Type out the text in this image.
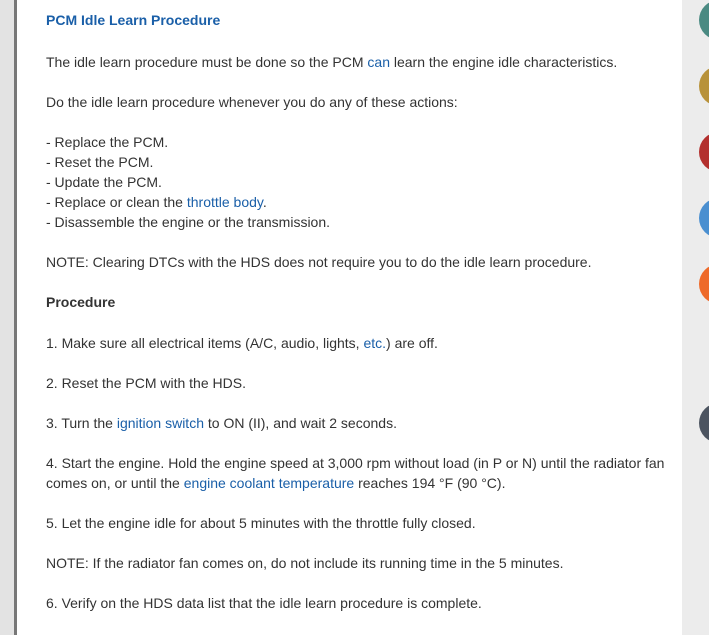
PCM Idle Learn Procedure
The idle learn procedure must be done so the PCM can learn the engine idle characteristics.
Do the idle learn procedure whenever you do any of these actions:
- Replace the PCM.
- Reset the PCM.
- Update the PCM.
- Replace or clean the throttle body.
- Disassemble the engine or the transmission.
NOTE: Clearing DTCs with the HDS does not require you to do the idle learn procedure.
Procedure
1. Make sure all electrical items (A/C, audio, lights, etc.) are off.
2. Reset the PCM with the HDS.
3. Turn the ignition switch to ON (II), and wait 2 seconds.
4. Start the engine. Hold the engine speed at 3,000 rpm without load (in P or N) until the radiator fan comes on, or until the engine coolant temperature reaches 194 °F (90 °C).
5. Let the engine idle for about 5 minutes with the throttle fully closed.
NOTE: If the radiator fan comes on, do not include its running time in the 5 minutes.
6. Verify on the HDS data list that the idle learn procedure is complete.
